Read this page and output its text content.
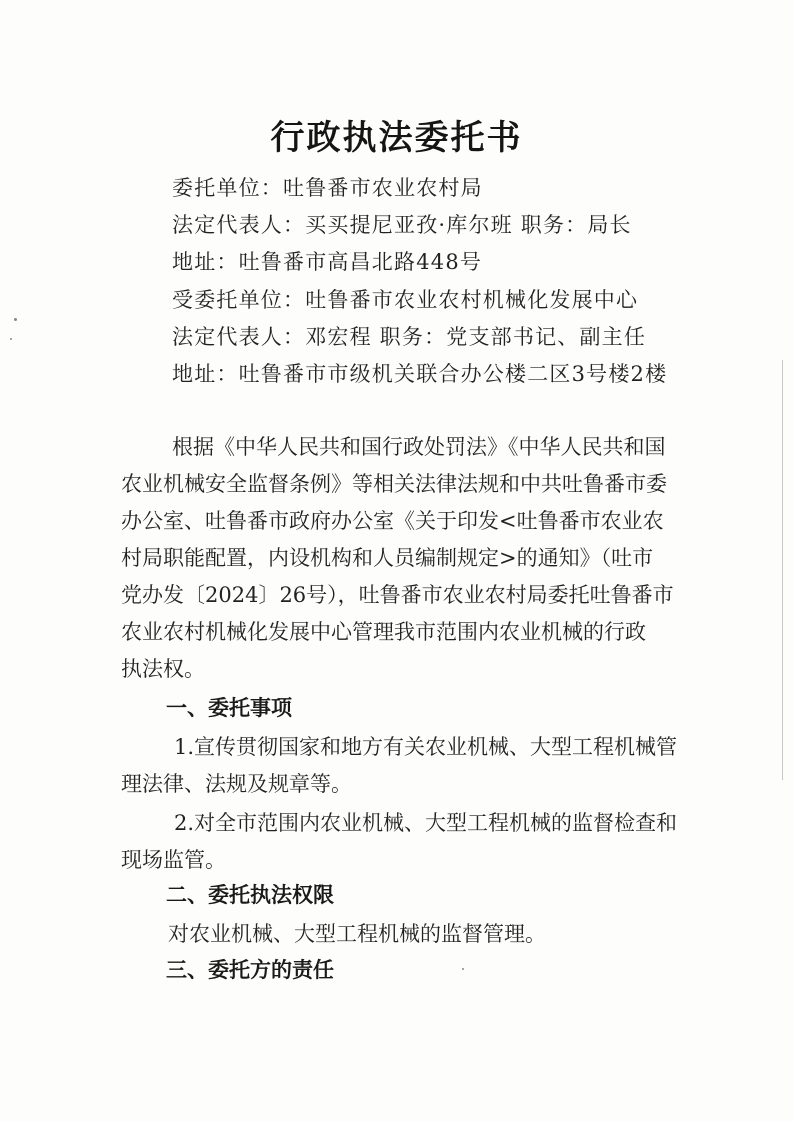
行政执法委托书
委托单位：吐鲁番市农业农村局
法定代表人：买买提尼亚孜·库尔班 职务：局长
地址：吐鲁番市高昌北路448号
受委托单位：吐鲁番市农业农村机械化发展中心
法定代表人：邓宏程 职务：党支部书记、副主任
地址：吐鲁番市市级机关联合办公楼二区3号楼2楼
根据《中华人民共和国行政处罚法》《中华人民共和国
农业机械安全监督条例》等相关法律法规和中共吐鲁番市委
办公室、吐鲁番市政府办公室《关于印发<吐鲁番市农业农
村局职能配置，内设机构和人员编制规定>的通知》（吐市
党办发〔2024〕26号），吐鲁番市农业农村局委托吐鲁番市
农业农村机械化发展中心管理我市范围内农业机械的行政
执法权。
一、委托事项
1.宣传贯彻国家和地方有关农业机械、大型工程机械管
理法律、法规及规章等。
2.对全市范围内农业机械、大型工程机械的监督检查和
现场监管。
二、委托执法权限
对农业机械、大型工程机械的监督管理。
三、委托方的责任
